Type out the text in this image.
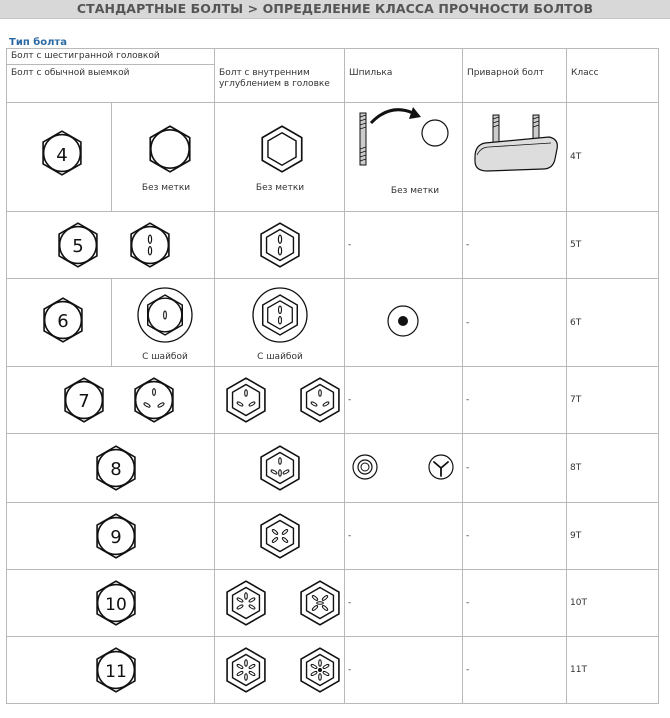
СТАНДАРТНЫЕ БОЛТЫ > ОПРЕДЕЛЕНИЕ КЛАССА ПРОЧНОСТИ БОЛТОВ
Тип болта
Болт с шестигранной головкой			Шпилька	Приварной болт	Класс
Болт с обычной выемкой		Болт с внутренним углублением в головке			

4	Без метки	Без метки	Без метки		4T

5			-	-	5T

6	С шайбой	С шайбой		-	6T

7			-	-	7T

8				-	8T

9			-	-	9T

10			-	-	10T

11			-	-	11T
